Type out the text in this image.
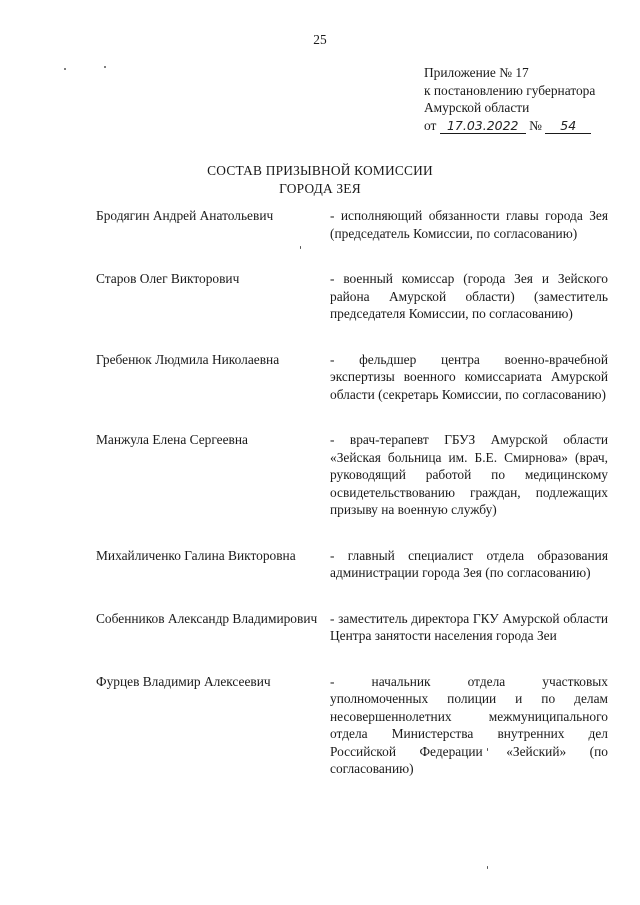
25
Приложение № 17
к постановлению губернатора
Амурской области
от 17.03.2022 № 54
СОСТАВ ПРИЗЫВНОЙ КОМИССИИ
ГОРОДА ЗЕЯ
Бродягин Андрей Анатольевич	- исполняющий обязанности главы города Зея (председатель Комиссии, по согласованию)
Старов Олег Викторович	- военный комиссар (города Зея и Зейского района Амурской области) (заместитель председателя Комиссии, по согласованию)
Гребенюк Людмила Николаевна	- фельдшер центра военно-врачебной экспертизы военного комиссариата Амурской области (секретарь Комиссии, по согласованию)
Манжула Елена Сергеевна	- врач-терапевт ГБУЗ Амурской области «Зейская больница им. Б.Е. Смирнова» (врач, руководящий работой по медицинскому освидетельствованию граждан, подлежащих призыву на военную службу)
Михайличенко Галина Викторовна	- главный специалист отдела образования администрации города Зея (по согласованию)
Собенников Александр Владимирович - заместитель директора ГКУ Амурской области Центра занятости населения города Зеи
Фурцев Владимир Алексеевич	- начальник отдела участковых уполномоченных полиции и по делам несовершеннолетних межмуниципального отдела Министерства внутренних дел Российской Федерации «Зейский» (по согласованию)
